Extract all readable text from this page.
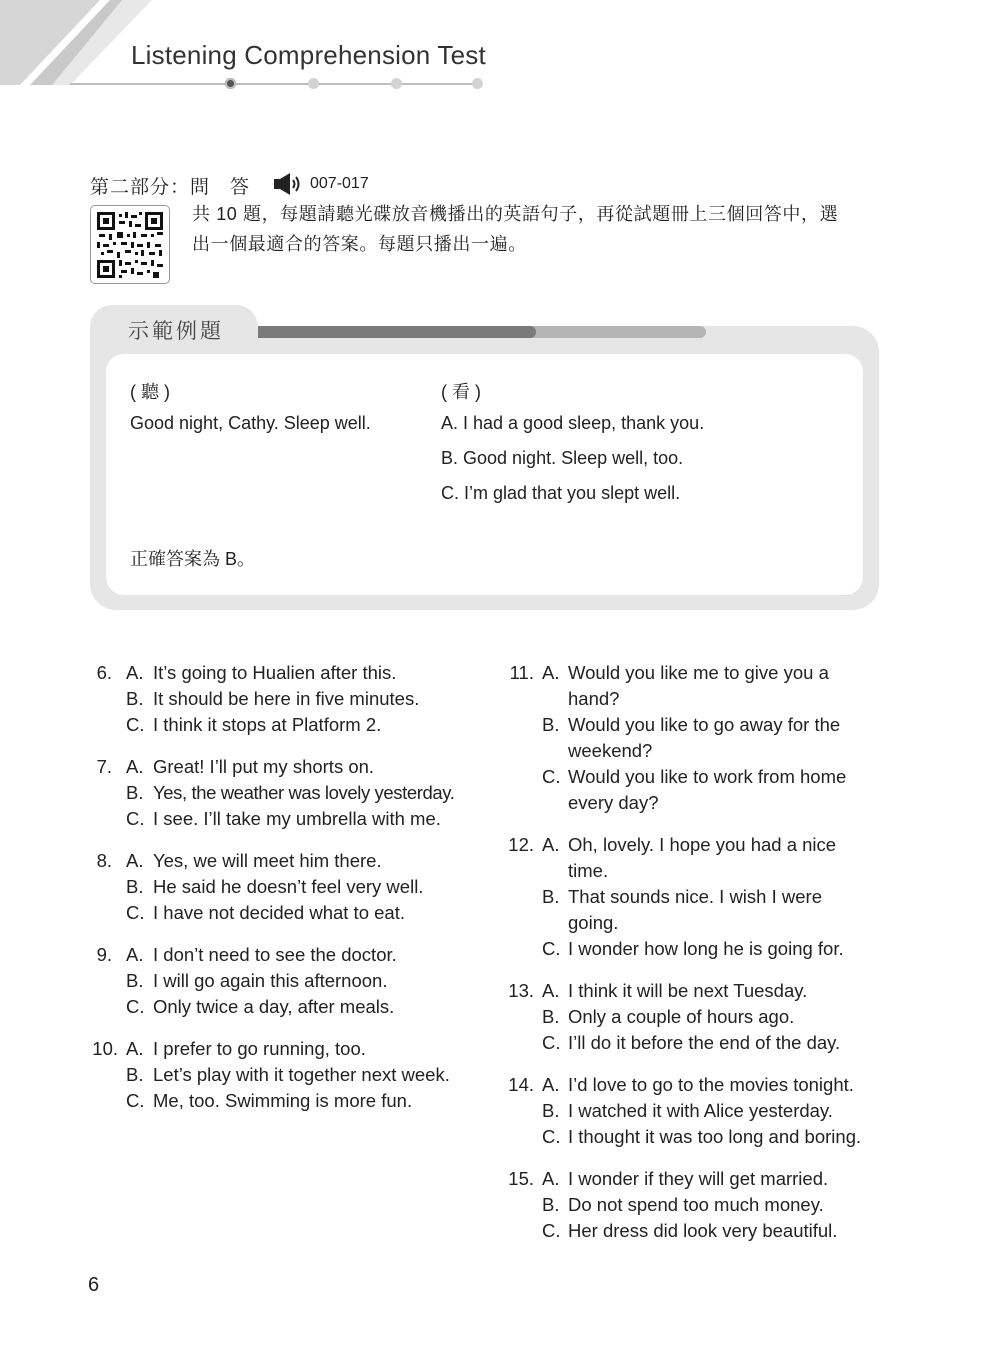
Listening Comprehension Test
第二部分：問　答	007-017
共 10 題，每題請聽光碟放音機播出的英語句子，再從試題冊上三個回答中，選
出一個最適合的答案。每題只播出一遍。
示範例題
( 聽 )	( 看 )
Good night, Cathy. Sleep well.	A. I had a good sleep, thank you.
B. Good night. Sleep well, too.
C. I’m glad that you slept well.
正確答案為 B。
6. A. It’s going to Hualien after this.
B. It should be here in five minutes.
C. I think it stops at Platform 2.
7. A. Great! I’ll put my shorts on.
B. Yes, the weather was lovely yesterday.
C. I see. I’ll take my umbrella with me.
8. A. Yes, we will meet him there.
B. He said he doesn’t feel very well.
C. I have not decided what to eat.
9. A. I don’t need to see the doctor.
B. I will go again this afternoon.
C. Only twice a day, after meals.
10. A. I prefer to go running, too.
B. Let’s play with it together next week.
C. Me, too. Swimming is more fun.
11. A. Would you like me to give you a
hand?
B. Would you like to go away for the
weekend?
C. Would you like to work from home
every day?
12. A. Oh, lovely. I hope you had a nice
time.
B. That sounds nice. I wish I were
going.
C. I wonder how long he is going for.
13. A. I think it will be next Tuesday.
B. Only a couple of hours ago.
C. I’ll do it before the end of the day.
14. A. I’d love to go to the movies tonight.
B. I watched it with Alice yesterday.
C. I thought it was too long and boring.
15. A. I wonder if they will get married.
B. Do not spend too much money.
C. Her dress did look very beautiful.
6
